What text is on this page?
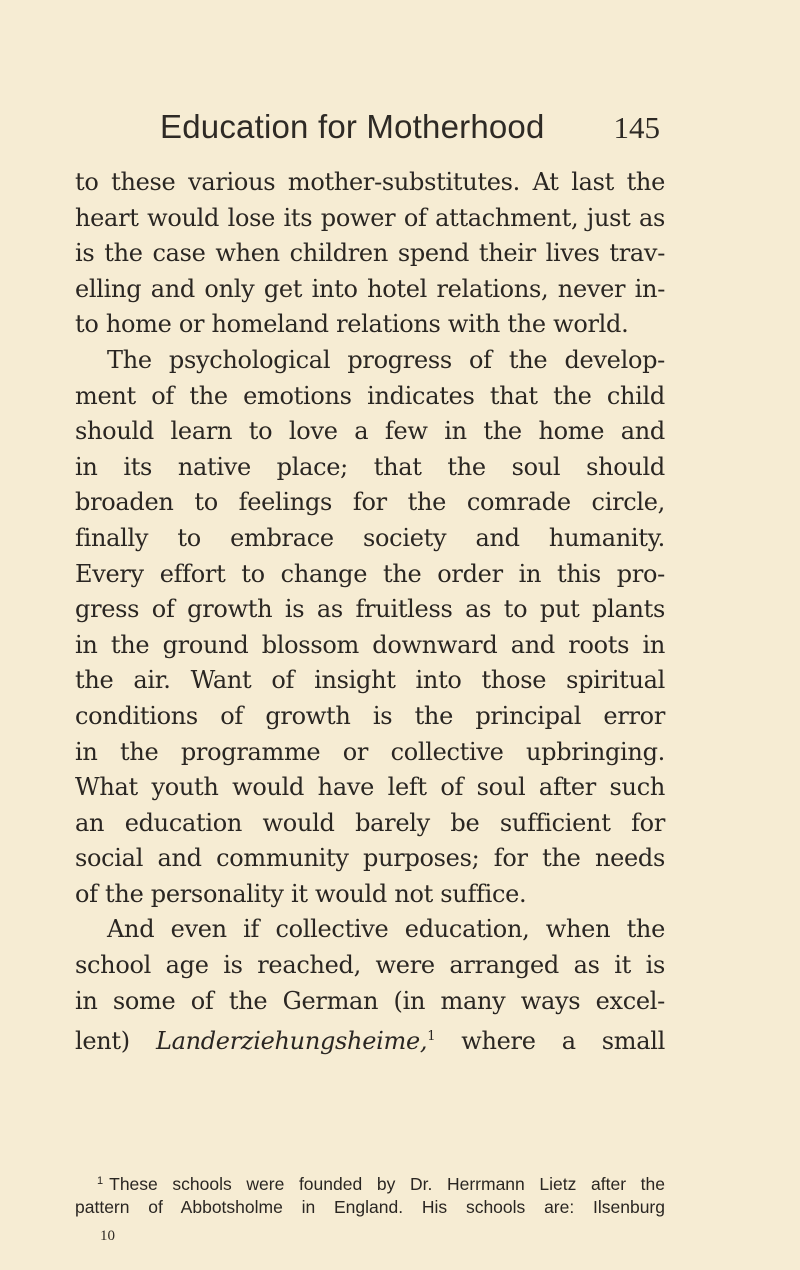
Education for Motherhood 145
to these various mother-substitutes. At last the
heart would lose its power of attachment, just as
is the case when children spend their lives trav-
elling and only get into hotel relations, never in-
to home or homeland relations with the world.
The psychological progress of the develop-
ment of the emotions indicates that the child
should learn to love a few in the home and
in its native place; that the soul should
broaden to feelings for the comrade circle,
finally to embrace society and humanity.
Every effort to change the order in this pro-
gress of growth is as fruitless as to put plants
in the ground blossom downward and roots in
the air. Want of insight into those spiritual
conditions of growth is the principal error
in the programme or collective upbringing.
What youth would have left of soul after such
an education would barely be sufficient for
social and community purposes; for the needs
of the personality it would not suffice.
And even if collective education, when the
school age is reached, were arranged as it is
in some of the German (in many ways excel-
lent) Landerziehungsheime,$^1$ where a small
$^1$ These schools were founded by Dr. Herrmann Lietz after the
pattern of Abbotsholme in England. His schools are: Ilsenburg
10
